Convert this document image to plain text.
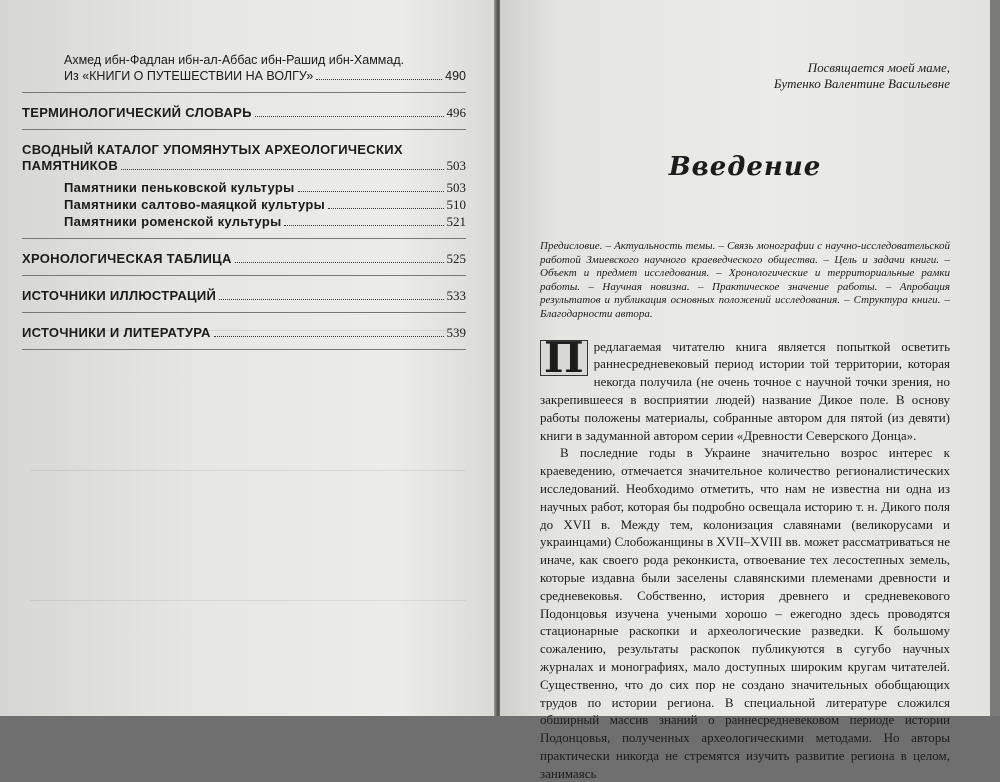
Ахмед ибн-Фадлан ибн-ал-Аббас ибн-Рашид ибн-Хаммад.
Из «КНИГИ О ПУТЕШЕСТВИИ НА ВОЛГУ»	490
ТЕРМИНОЛОГИЧЕСКИЙ СЛОВАРЬ	496
СВОДНЫЙ КАТАЛОГ УПОМЯНУТЫХ АРХЕОЛОГИЧЕСКИХ
ПАМЯТНИКОВ	503
Памятники пеньковской культуры	503
Памятники салтово-маяцкой культуры	510
Памятники роменской культуры	521
ХРОНОЛОГИЧЕСКАЯ ТАБЛИЦА	525
ИСТОЧНИКИ ИЛЛЮСТРАЦИЙ	533
ИСТОЧНИКИ И ЛИТЕРАТУРА	539
Посвящается моей маме,
Бутенко Валентине Васильевне
Введение
Предисловие. – Актуальность темы. – Связь монографии с научно-исследовательской работой Змиевского научного краеведческого общества. – Цель и задачи книги. – Объект и предмет исследования. – Хронологические и территориальные рамки работы. – Научная новизна. – Практическое значение работы. – Апробация результатов и публикация основных положений исследования. – Структура книги. – Благодарности автора.

П редлагаемая читателю книга является попыткой осветить раннесредневековый период истории той территории, которая некогда получила (не очень точное с научной точки зрения, но закрепившееся в восприятии людей) название Дикое поле. В основу работы положены материалы, собранные автором для пятой (из девяти) книги в задуманной автором серии «Древности Северского Донца».

В последние годы в Украине значительно возрос интерес к краеведению, отмечается значительное количество регионалистических исследований. Необходимо отметить, что нам не известна ни одна из научных работ, которая бы подробно освещала историю т. н. Дикого поля до XVII в. Между тем, колонизация славянами (великорусами и украинцами) Слобожанщины в XVII–XVIII вв. может рассматриваться не иначе, как своего рода реконкиста, отвоевание тех лесостепных земель, которые издавна были заселены славянскими племенами древности и средневековья. Собственно, история древнего и средневекового Подонцовья изучена учеными хорошо – ежегодно здесь проводятся стационарные раскопки и археологические разведки. К большому сожалению, результаты раскопок публикуются в сугубо научных журналах и монографиях, мало доступных широким кругам читателей. Существенно, что до сих пор не создано значительных обобщающих трудов по истории региона. В специальной литературе сложился обширный массив знаний о раннесредневековом периоде истории Подонцовья, полученных археологическими методами. Но авторы практически никогда не стремятся изучить развитие региона в целом, занимаясь
